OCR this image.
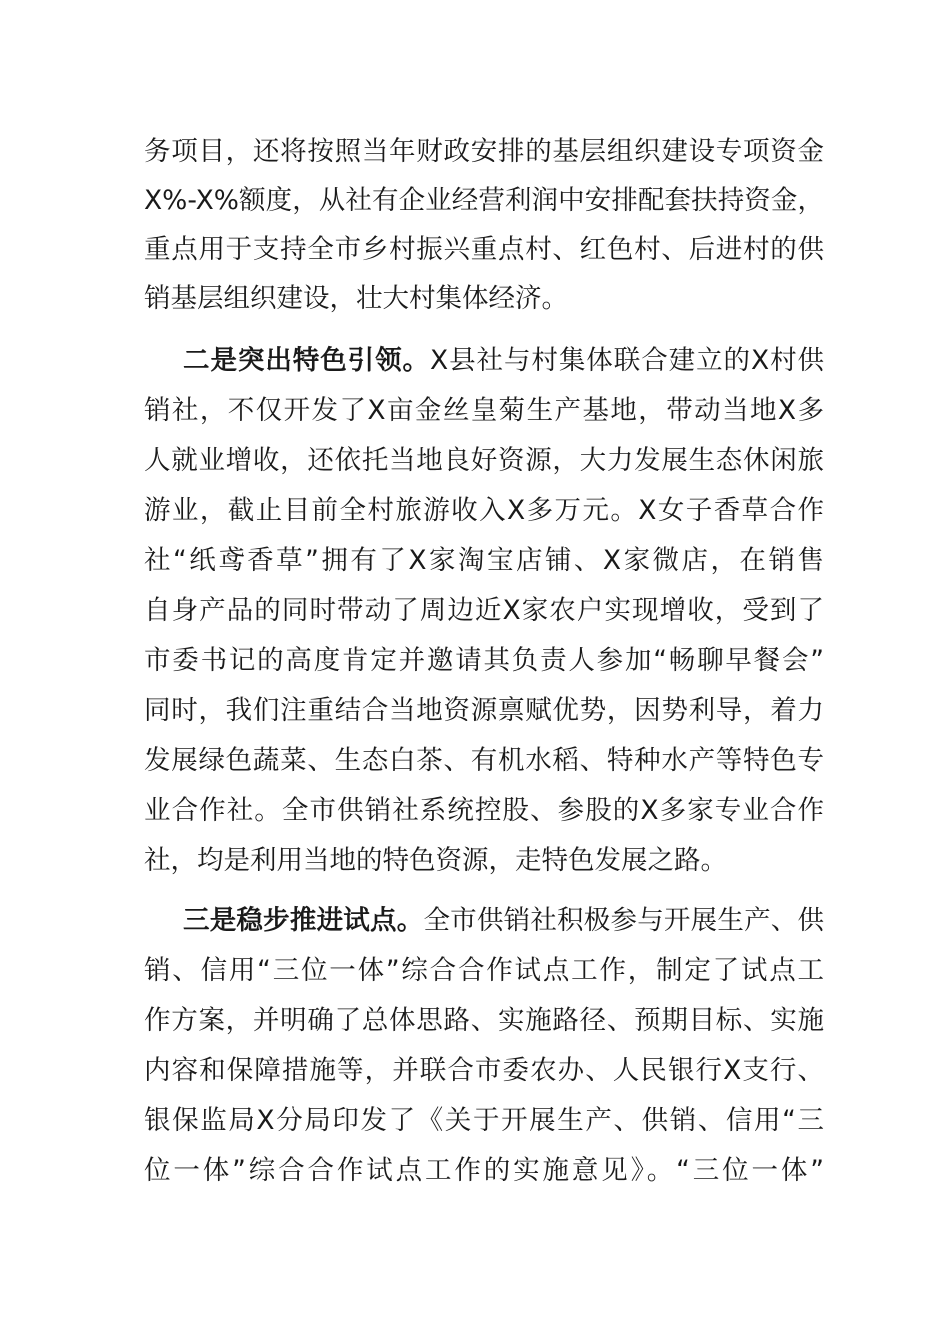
务项目，还将按照当年财政安排的基层组织建设专项资金
X%-X%额度，从社有企业经营利润中安排配套扶持资金，
重点用于支持全市乡村振兴重点村、红色村、后进村的供
销基层组织建设，壮大村集体经济。
二是突出特色引领。X县社与村集体联合建立的X村供
销社，不仅开发了X亩金丝皇菊生产基地，带动当地X多
人就业增收，还依托当地良好资源，大力发展生态休闲旅
游业，截止目前全村旅游收入X多万元。X女子香草合作
社“纸鸢香草”拥有了X家淘宝店铺、X家微店，在销售
自身产品的同时带动了周边近X家农户实现增收，受到了
市委书记的高度肯定并邀请其负责人参加“畅聊早餐会”
同时，我们注重结合当地资源禀赋优势，因势利导，着力
发展绿色蔬菜、生态白茶、有机水稻、特种水产等特色专
业合作社。全市供销社系统控股、参股的X多家专业合作
社，均是利用当地的特色资源，走特色发展之路。
三是稳步推进试点。全市供销社积极参与开展生产、供
销、信用“三位一体”综合合作试点工作，制定了试点工
作方案，并明确了总体思路、实施路径、预期目标、实施
内容和保障措施等，并联合市委农办、人民银行X支行、
银保监局X分局印发了《关于开展生产、供销、信用“三
位一体”综合合作试点工作的实施意见》。“三位一体”
